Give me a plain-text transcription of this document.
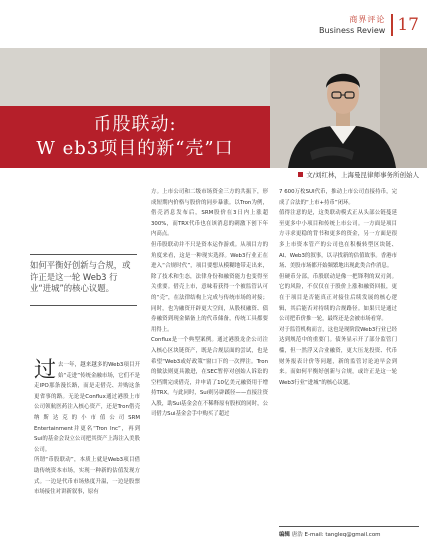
商界评论
Business Review 17
币股联动:
W eb3项目的新“壳”口
文/刘红林，上海曼昆律师事务所创始人
如何平衡好创新与合规，或许正是这一轮 Web3 行业“进城”的核心议题。

过 去一年，越来越多的Web3项目开始“走进”传统金融市场，它们不是走IPO那条漫长路，而是走借壳、并购这条更省事的路。无论是Conflux通过港股上市公司领航医药注入核心资产，还是Tron借壳纳斯达克的小市值公司SRM Entertainment并更名“Tron Inc”，再到Sui的基金会设立公司把其资产上海注入美股公司。

所谓“币股联动”，本质上就是Web3项目借助传统资本市场，实现一种新的估值发现方式。一边是代币市场热度升温，一边是股票市场接住对讲新叙事，原有

方。上市公司和二级市场资金三方的共振下，形成短期内价格与股价的同步暴涨。以Tron为例，借壳消息发布后，SRM股价在3日内上涨超300%，而TRX代币也在该消息的刺激下创下年内高点。

但币股联动并不只是资本运作游戏。从项目方的角度来看，这是一种现实选择。Web3行业正在进入“合规时代”，项目要想从模糊地带走出来，除了技术和生态，法律身份和融资能力也变得至关重要。借壳上市，意味着获得一个被监管认可的“壳”，在法律结构上完成与传统市场的对接；同时，也为融资开辟更大空间，从股权融资、债券融资到现金储备上的代币储备，传统工具都要用得上。

Conflux是一个典型案例。通过港股龙企公司注入核心区块链资产，既是合规层面的尝试，也是希望“Web3或好政策”窗口下的一次押注。Tron的做法则更具激进，在SEC暂停对创始人诉讼的空档期完成借壳，并申请了10亿美元融资用于增持TRX。与此同时，Sui则另辟蹊径——直接注资入股，助Sui基金会在不稀释原有股权的同时，公司借力Sui基金会手中购买了超过

7 600万枚SUI代币，推动上市公司直接持币，完成了合法的“上市+持币”闭环。

值得注意的是，这类联动模式正从头部公链蔓延至更多中小项目和传统上市公司。一方面是项目方寻求更稳的背书和更多的资金，另一方面是很多上市资本管产的公司也在积极转型区块链、AI、Web3的叙事，以寻找新的估值故事。香港市场、美股市场都开始频繁地出现此类合作消息。

但硬币分部，币股联动是像一把锋利的双刃剑。它的风险，不仅仅在于股价上涨和融资回报，更在于项目是否能真正对接住后续发展的核心逻辑，其后能否对持续的合规路径。如果只是通过公司把币价推一轮，最终还是会被市场看穿。

对于监管机构而言，这也是现阶段Web3行业已经达到规范中的重要门。债务显示开了部分监管门槛，但一然浮又合业融资，更大压龙投资、代币财务报表计价等问题，新的监管讨论迫早会到来。而如何平衡好创新与合规，或许正是这一轮Web3行业“进城”的核心议题。

编辑 唐浩 E-mail: tangleq@gmail.com
